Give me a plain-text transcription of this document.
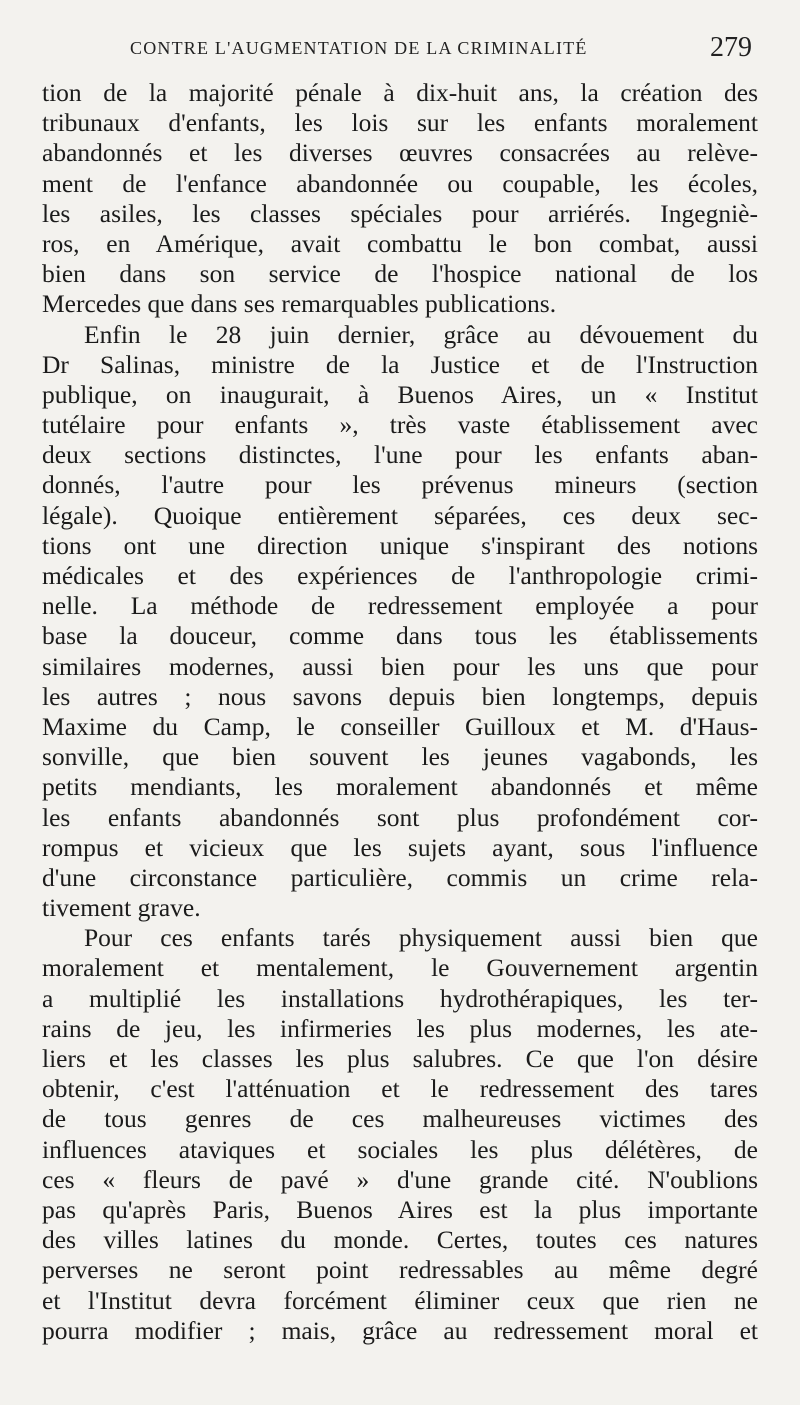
CONTRE L'AUGMENTATION DE LA CRIMINALITÉ	279
tion de la majorité pénale à dix-huit ans, la création des
tribunaux d'enfants, les lois sur les enfants moralement
abandonnés et les diverses œuvres consacrées au relève-
ment de l'enfance abandonnée ou coupable, les écoles,
les asiles, les classes spéciales pour arriérés. Ingegniè-
ros, en Amérique, avait combattu le bon combat, aussi
bien dans son service de l'hospice national de los
Mercedes que dans ses remarquables publications.
Enfin le 28 juin dernier, grâce au dévouement du
Dr Salinas, ministre de la Justice et de l'Instruction
publique, on inaugurait, à Buenos Aires, un « Institut
tutélaire pour enfants », très vaste établissement avec
deux sections distinctes, l'une pour les enfants aban-
donnés, l'autre pour les prévenus mineurs (section
légale). Quoique entièrement séparées, ces deux sec-
tions ont une direction unique s'inspirant des notions
médicales et des expériences de l'anthropologie crimi-
nelle. La méthode de redressement employée a pour
base la douceur, comme dans tous les établissements
similaires modernes, aussi bien pour les uns que pour
les autres ; nous savons depuis bien longtemps, depuis
Maxime du Camp, le conseiller Guilloux et M. d'Haus-
sonville, que bien souvent les jeunes vagabonds, les
petits mendiants, les moralement abandonnés et même
les enfants abandonnés sont plus profondément cor-
rompus et vicieux que les sujets ayant, sous l'influence
d'une circonstance particulière, commis un crime rela-
tivement grave.
Pour ces enfants tarés physiquement aussi bien que
moralement et mentalement, le Gouvernement argentin
a multiplié les installations hydrothérapiques, les ter-
rains de jeu, les infirmeries les plus modernes, les ate-
liers et les classes les plus salubres. Ce que l'on désire
obtenir, c'est l'atténuation et le redressement des tares
de tous genres de ces malheureuses victimes des
influences ataviques et sociales les plus délétères, de
ces « fleurs de pavé » d'une grande cité. N'oublions
pas qu'après Paris, Buenos Aires est la plus importante
des villes latines du monde. Certes, toutes ces natures
perverses ne seront point redressables au même degré
et l'Institut devra forcément éliminer ceux que rien ne
pourra modifier ; mais, grâce au redressement moral et
